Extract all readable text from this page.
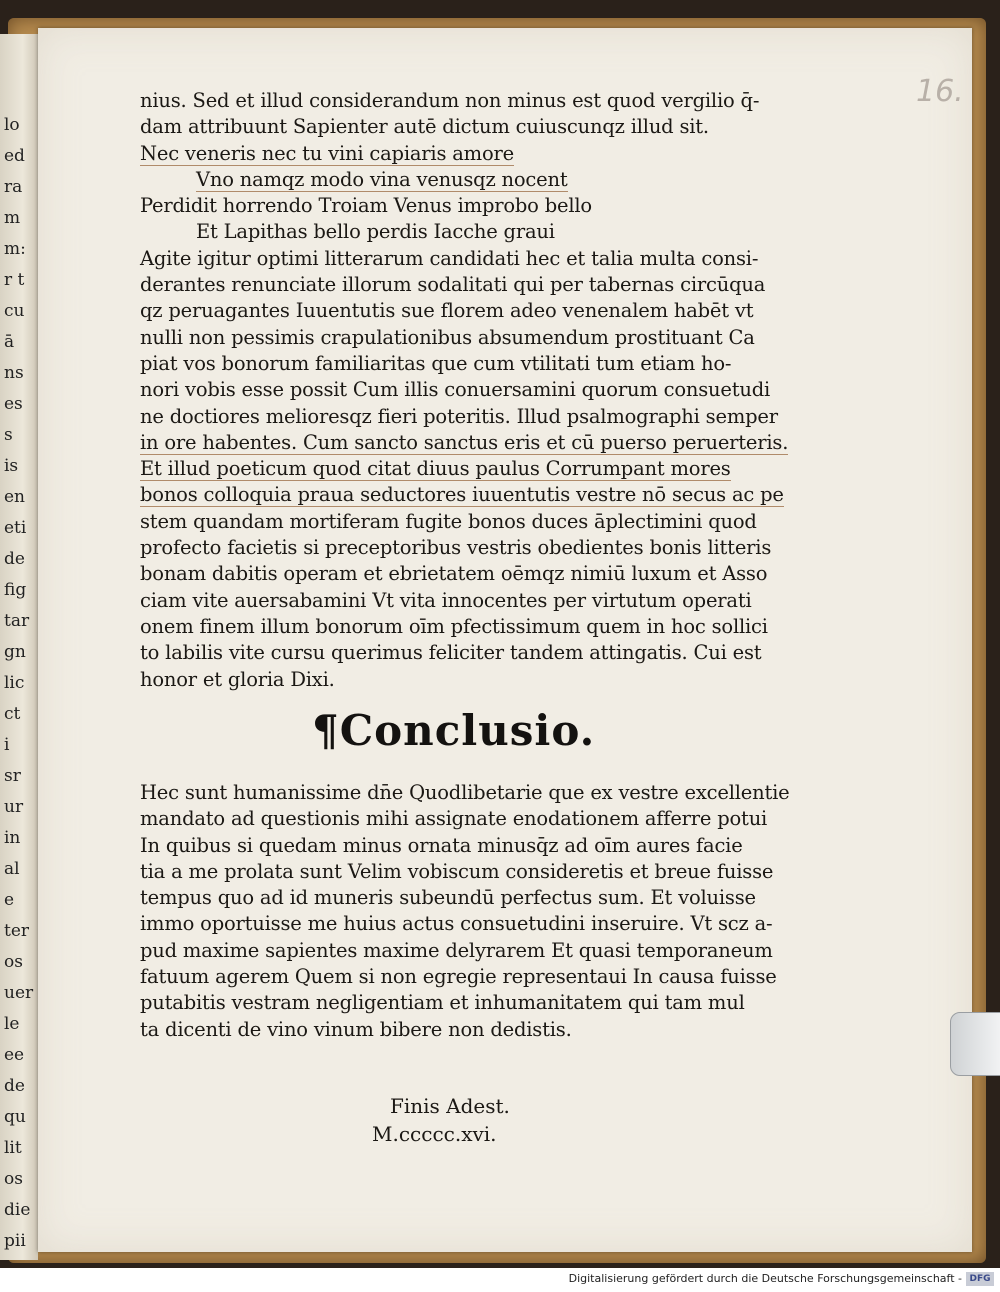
lo
ed
ra
m
m:
r t
cu
ā
ns
es
s
is
en
eti
de
fig
tar
gn
lic
ct
i
sr
ur
in
al
e
ter
os
uer
le
ee
de
qu
lit
os
die
pii
16.
nius. Sed et illud considerandum non minus est quod vergilio q̄-
dam attribuunt Sapienter autē dictum cuiuscunqz illud sit.
Nec veneris nec tu vini capiaris amore
Vno namqz modo vina venusqz nocent
Perdidit horrendo Troiam Venus improbo bello
Et Lapithas bello perdis Iacche graui
Agite igitur optimi litterarum candidati hec et talia multa consi-
derantes renunciate illorum sodalitati qui per tabernas circūqua
qz peruagantes Iuuentutis sue florem adeo venenalem habēt vt
nulli non pessimis crapulationibus absumendum prostituant Ca
piat vos bonorum familiaritas que cum vtilitati tum etiam ho-
nori vobis esse possit Cum illis conuersamini quorum consuetudi
ne doctiores melioresqz fieri poteritis. Illud psalmographi semper
in ore habentes. Cum sancto sanctus eris et cū puerso peruerteris.
Et illud poeticum quod citat diuus paulus Corrumpant mores
bonos colloquia praua seductores iuuentutis vestre nō secus ac pe
stem quandam mortiferam fugite bonos duces āplectimini quod
profecto facietis si preceptoribus vestris obedientes bonis litteris
bonam dabitis operam et ebrietatem oēmqz nimiū luxum et Asso
ciam vite auersabamini Vt vita innocentes per virtutum operati
onem finem illum bonorum oīm pfectissimum quem in hoc sollici
to labilis vite cursu querimus feliciter tandem attingatis. Cui est
honor et gloria Dixi.
¶Conclusio.
Hec sunt humanissime dn̄e Quodlibetarie que ex vestre excellentie
mandato ad questionis mihi assignate enodationem afferre potui
In quibus si quedam minus ornata minusq̄z ad oīm aures facie
tia a me prolata sunt Velim vobiscum consideretis et breue fuisse
tempus quo ad id muneris subeundū perfectus sum. Et voluisse
immo oportuisse me huius actus consuetudini inseruire. Vt scz a-
pud maxime sapientes maxime delyrarem Et quasi temporaneum
fatuum agerem Quem si non egregie representaui In causa fuisse
putabitis vestram negligentiam et inhumanitatem qui tam mul
ta dicenti de vino vinum bibere non dedistis.
Finis Adest.
M.ccccc.xvi.
Digitalisierung gefördert durch die Deutsche Forschungsgemeinschaft - DFG
